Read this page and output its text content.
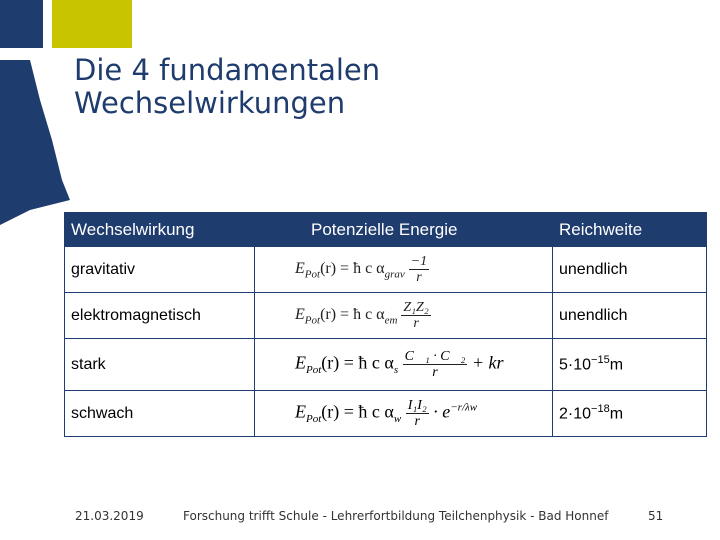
Die 4 fundamentalen
Wechselwirkungen
Wechselwirkung	Potenzielle Energie	Reichweite
gravitativ	$E_{Pot}(r)$ = ħ c $\alpha_{grav} \frac{-1}{r}$	unendlich
elektromagnetisch	$E_{Pot}(r)$ = ħ c $\alpha_{em} \frac{\text{Z₁Z₂}}{r}$	unendlich
stark	$E_{Pot}(r)$ = ħ c $\alpha_s \frac{\text{C⃗₁ · C⃗₂}}{r}$ + kr	$5\cdot 10^{-15}m$
schwach	$E_{Pot}(r)$ = ħ c $\alpha_w \frac{\text{I₁I₂}}{r} \cdot e^{-r/\lambda w}$	$2\cdot 10^{-18}m$
21.03.2019	Forschung trifft Schule - Lehrerfortbildung Teilchenphysik - Bad Honnef	51
